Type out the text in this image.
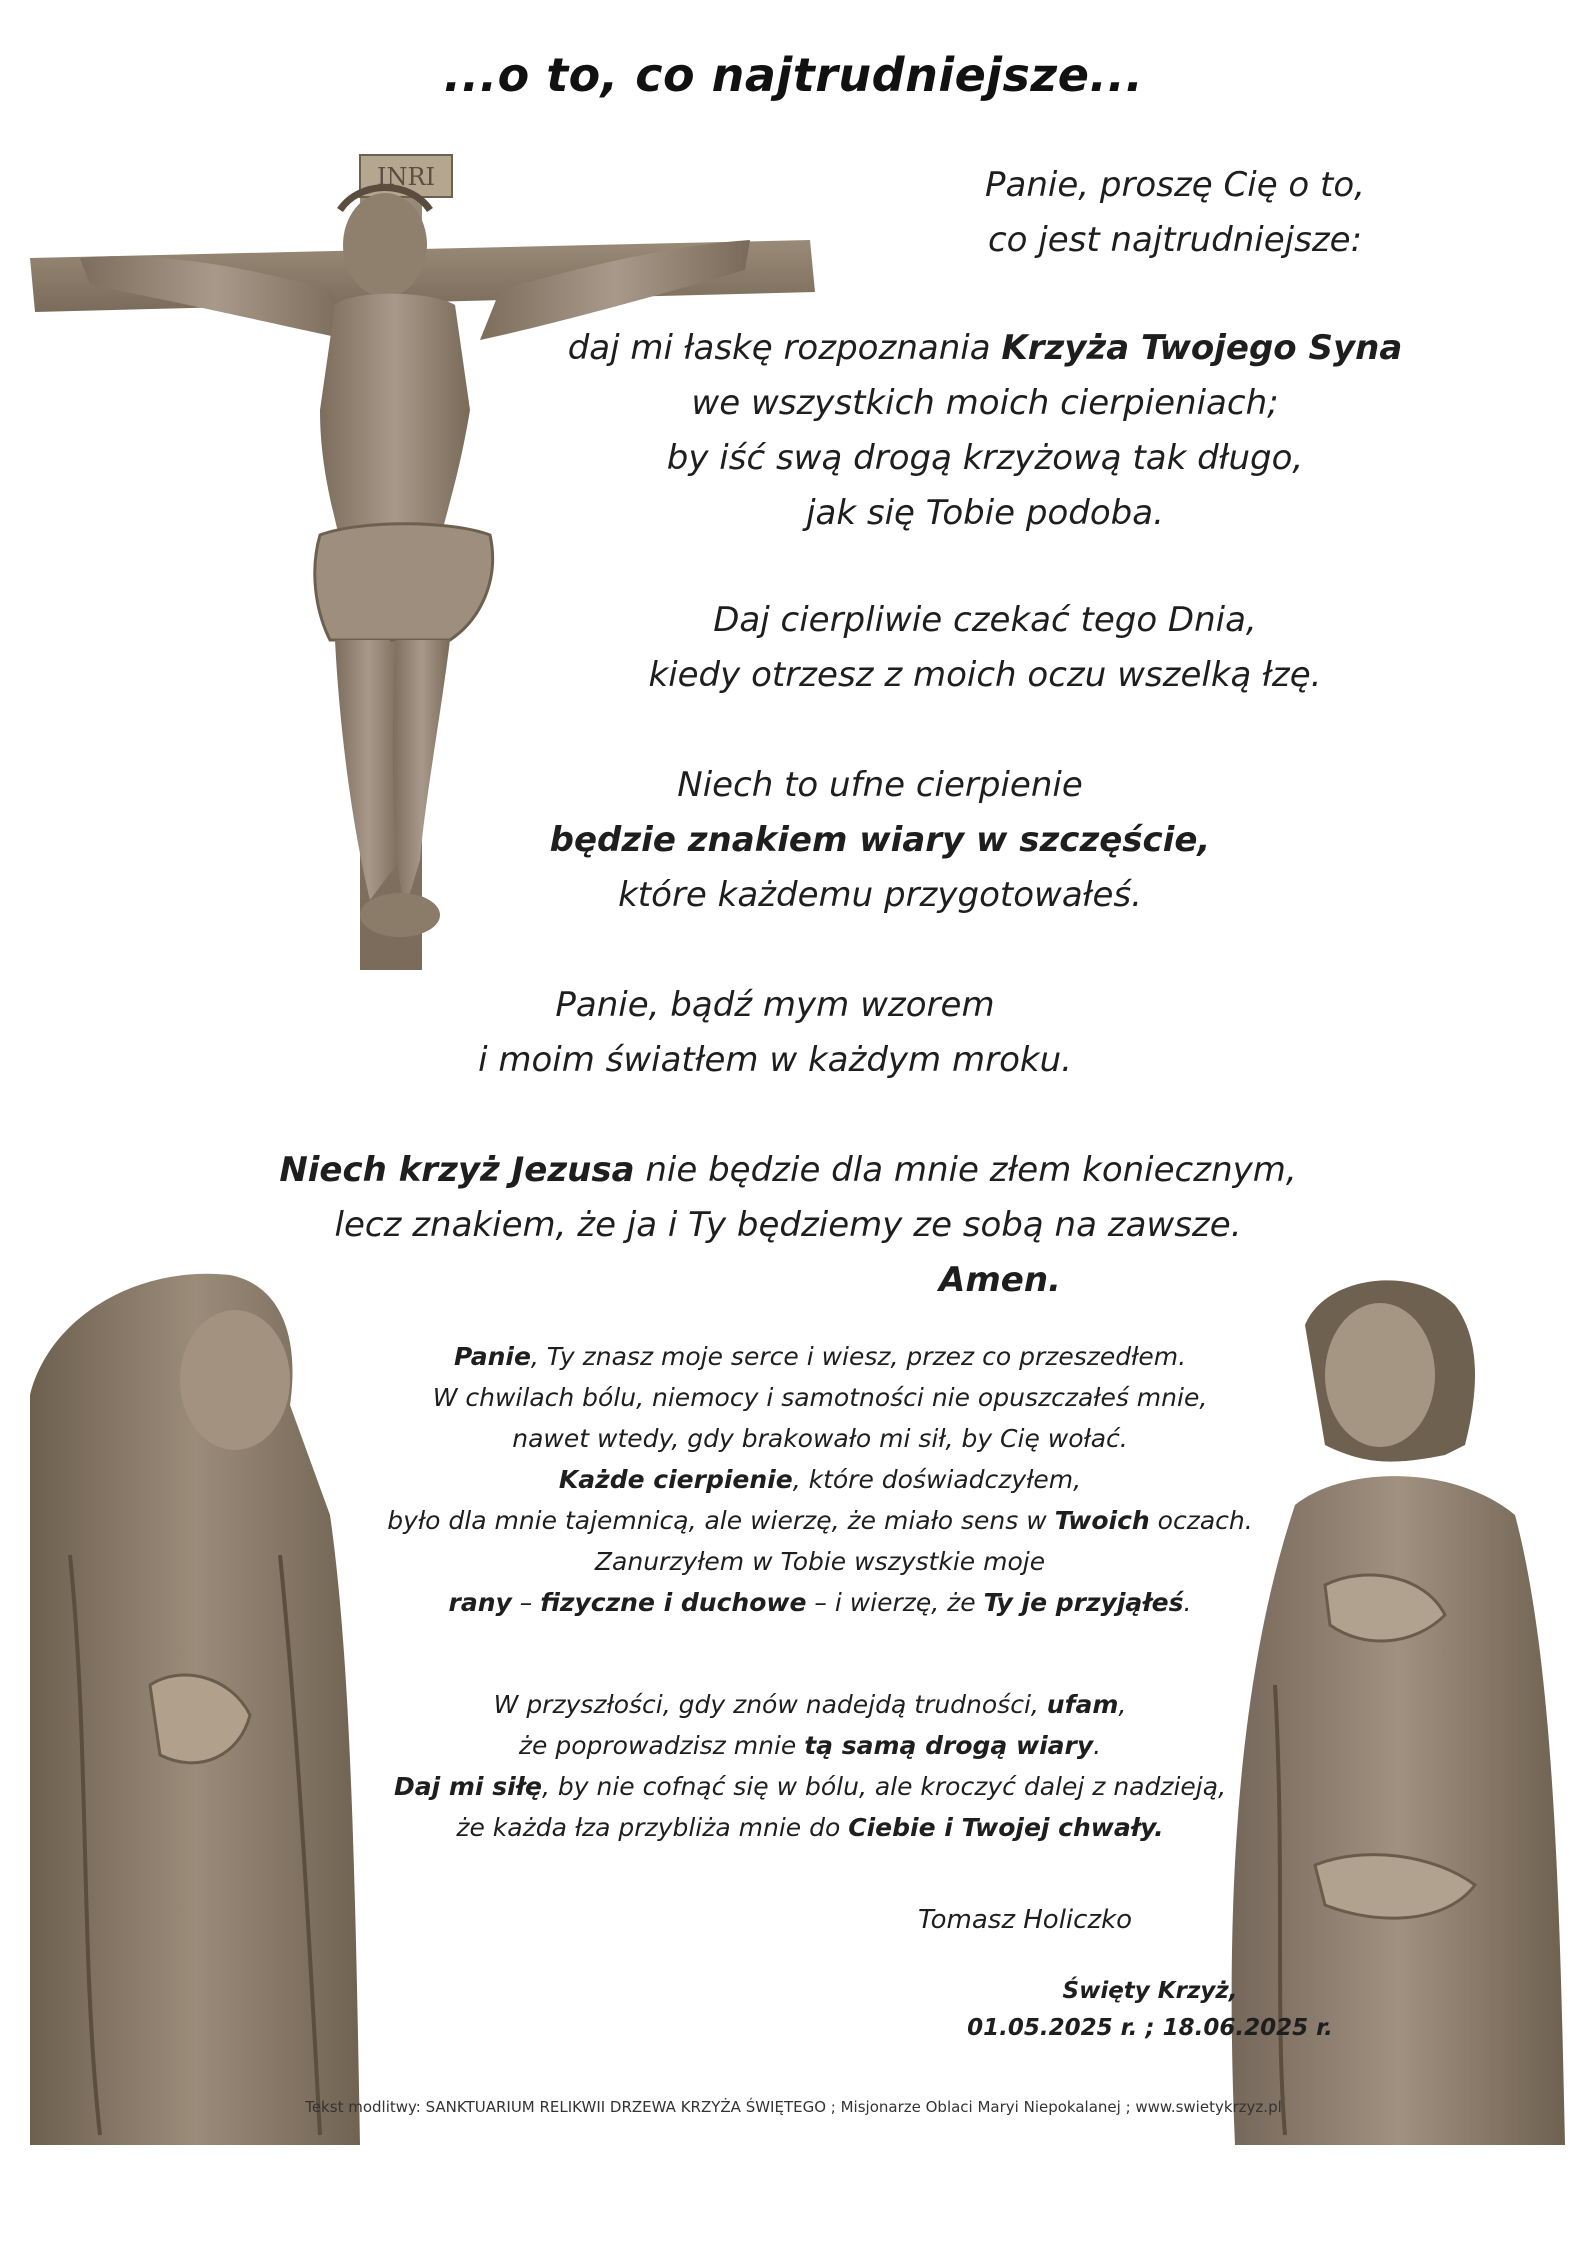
INRI
...o to, co najtrudniejsze...

Panie, proszę Cię o to,

co jest najtrudniejsze:

daj mi łaskę rozpoznania Krzyża Twojego Syna

we wszystkich moich cierpieniach;

by iść swą drogą krzyżową tak długo,

jak się Tobie podoba.

Daj cierpliwie czekać tego Dnia,

kiedy otrzesz z moich oczu wszelką łzę.

Niech to ufne cierpienie

będzie znakiem wiary w szczęście,

które każdemu przygotowałeś.

Panie, bądź mym wzorem

i moim światłem w każdym mroku.

Niech krzyż Jezusa nie będzie dla mnie złem koniecznym,

lecz znakiem, że ja i Ty będziemy ze sobą na zawsze.

Amen.

Panie, Ty znasz moje serce i wiesz, przez co przeszedłem.

W chwilach bólu, niemocy i samotności nie opuszczałeś mnie,

nawet wtedy, gdy brakowało mi sił, by Cię wołać.

Każde cierpienie, które doświadczyłem,

było dla mnie tajemnicą, ale wierzę, że miało sens w Twoich oczach.

Zanurzyłem w Tobie wszystkie moje

rany – fizyczne i duchowe – i wierzę, że Ty je przyjąłeś.

W przyszłości, gdy znów nadejdą trudności, ufam,

że poprowadzisz mnie tą samą drogą wiary.

Daj mi siłę, by nie cofnąć się w bólu, ale kroczyć dalej z nadzieją,

że każda łza przybliża mnie do Ciebie i Twojej chwały.

Tomasz Holiczko
Święty Krzyż,
01.05.2025 r. ; 18.06.2025 r.

Tekst modlitwy: SANKTUARIUM RELIKWII DRZEWA KRZYŻA ŚWIĘTEGO ; Misjonarze Oblaci Maryi Niepokalanej ; www.swietykrzyz.pl
